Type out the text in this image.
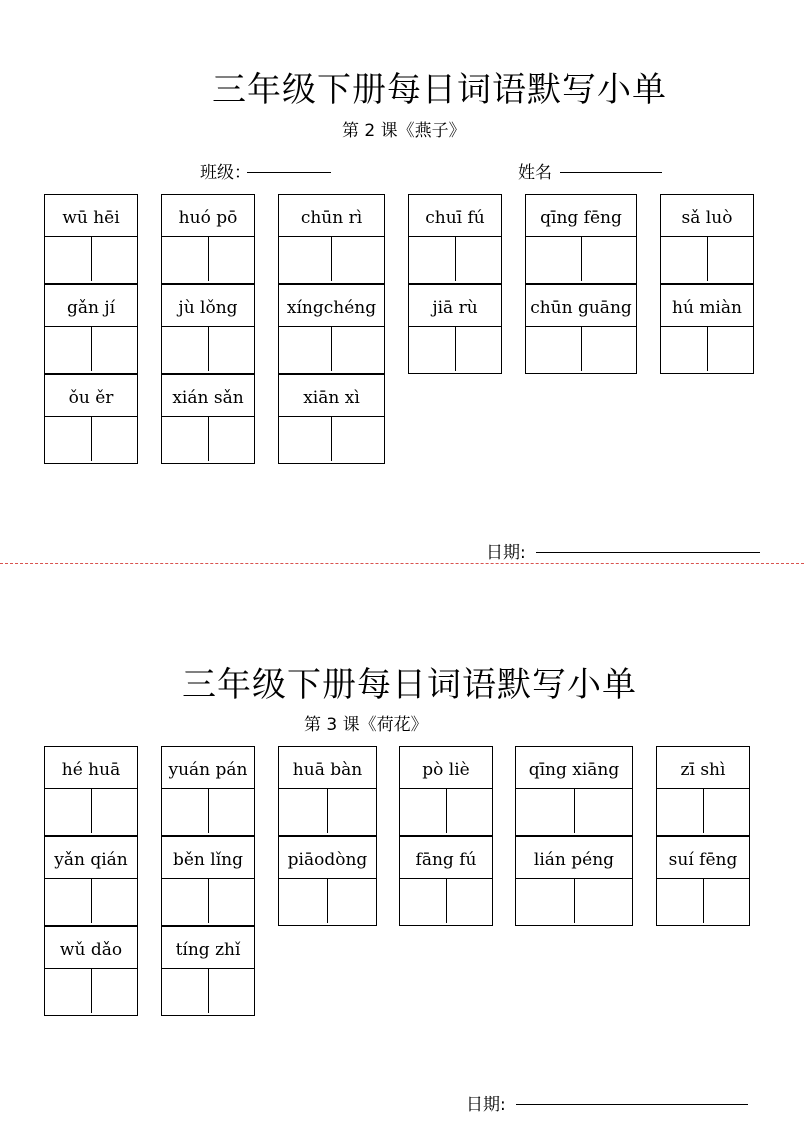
三年级下册每日词语默写小单
第 2 课《燕子》
班级：	姓名
wū hēi	huó pō	chūn rì	chuī fú	qīng fēng	sǎ luò
gǎn jí	jù lǒng	xíngchéng	jiā rù	chūn guāng	hú miàn
ǒu ěr	xián sǎn	xiān xì
日期:
三年级下册每日词语默写小单
第 3 课《荷花》
hé huā	yuán pán	huā bàn	pò liè	qīng xiāng	zī shì
yǎn qián	běn lǐng	piāodòng	fāng fú	lián péng	suí fēng
wǔ dǎo	tíng zhǐ
日期:
